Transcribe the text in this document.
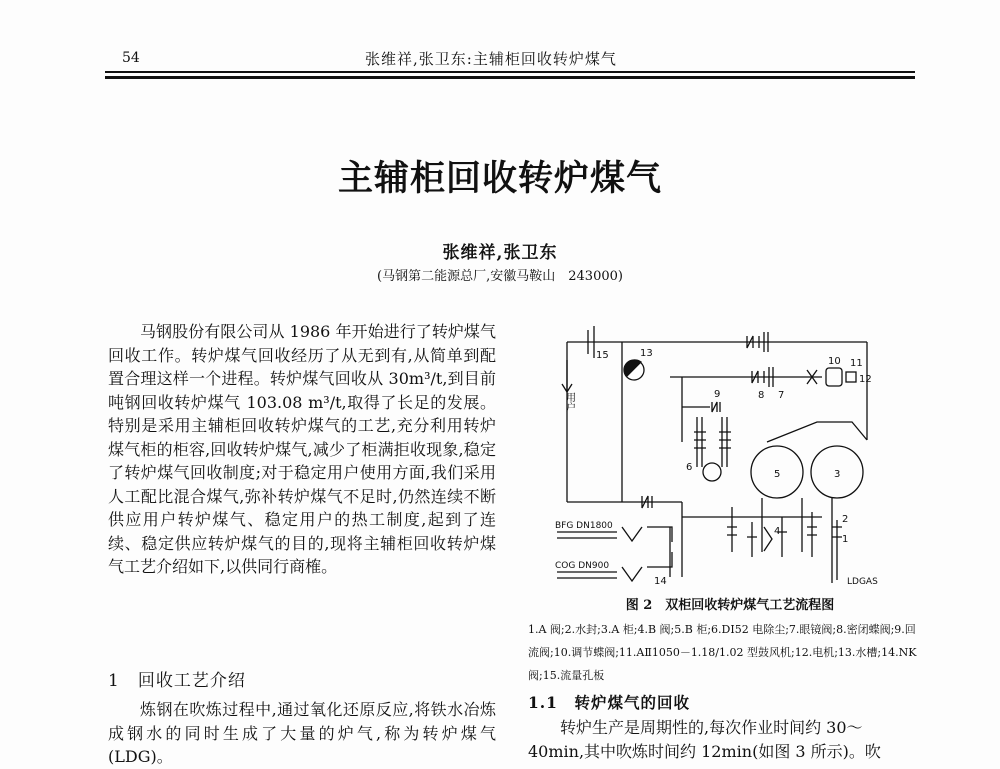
54	张维祥,张卫东:主辅柜回收转炉煤气
主辅柜回收转炉煤气
张维祥,张卫东
(马钢第二能源总厂,安徽马鞍山　243000)

马钢股份有限公司从 1986 年开始进行了转炉煤气回收工作。转炉煤气回收经历了从无到有,从简单到配置合理这样一个进程。转炉煤气回收从 30m³/t,到目前吨钢回收转炉煤气 103.08 m³/t,取得了长足的发展。特别是采用主辅柜回收转炉煤气的工艺,充分利用转炉煤气柜的柜容,回收转炉煤气,减少了柜满拒收现象,稳定了转炉煤气回收制度;对于稳定用户使用方面,我们采用人工配比混合煤气,弥补转炉煤气不足时,仍然连续不断供应用户转炉煤气、稳定用户的热工制度,起到了连续、稳定供应转炉煤气的目的,现将主辅柜回收转炉煤气工艺介绍如下,以供同行商榷。

1　回收工艺介绍

炼钢在吹炼过程中,通过氧化还原反应,将铁水冶炼成钢水的同时生成了大量的炉气,称为转炉煤气(LDG)。

用户
BFG DN1800
COG DN900
LDGAS
1
2
3
4
5
6
7
8
9
10 11
12
13
14
15
图 2　双柜回收转炉煤气工艺流程图
1.A 阀;2.水封;3.A 柜;4.B 阀;5.B 柜;6.DI52 电除尘;7.眼镜阀;8.密闭蝶阀;9.回流阀;10.调节蝶阀;11.AⅡ1050－1.18/1.02 型鼓风机;12.电机;13.水槽;14.NK 阀;15.流量孔板
1.1　转炉煤气的回收

转炉生产是周期性的,每次作业时间约 30～40min,其中吹炼时间约 12min(如图 3 所示)。吹
